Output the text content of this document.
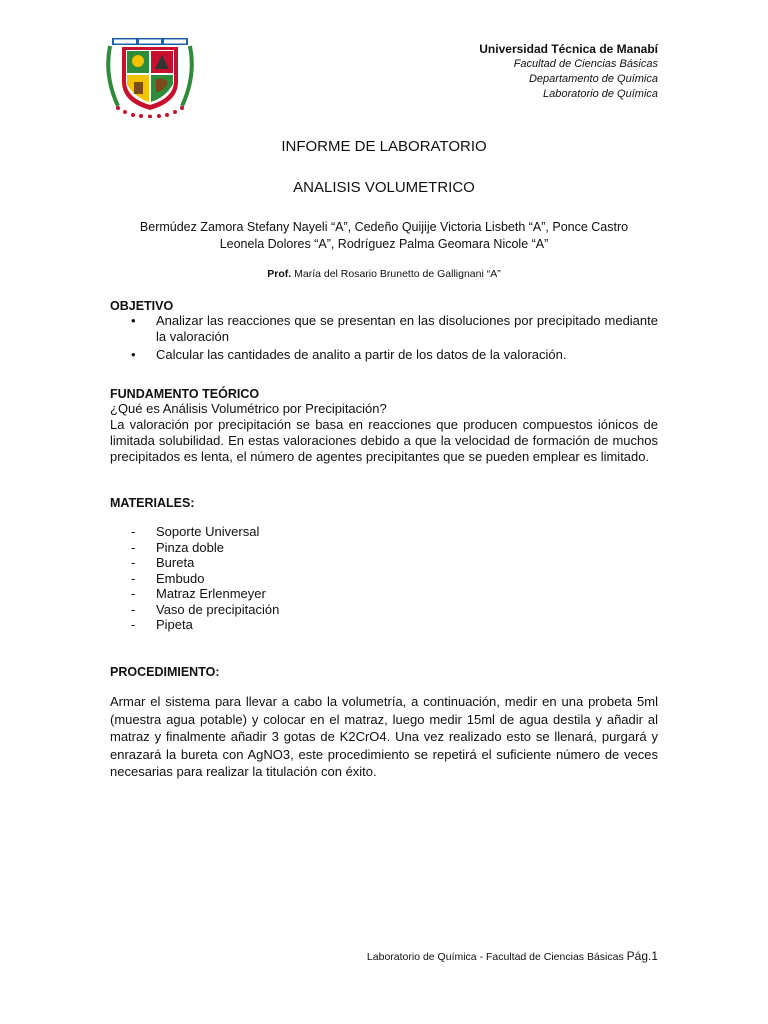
Universidad Técnica de Manabí
Facultad de Ciencias Básicas
Departamento de Química
Laboratorio de Química
INFORME DE LABORATORIO
ANALISIS VOLUMETRICO
Bermúdez Zamora Stefany Nayeli “A”, Cedeño Quijije Victoria Lisbeth “A”, Ponce Castro
Leonela Dolores “A”, Rodríguez Palma Geomara Nicole “A”
Prof. María del Rosario Brunetto de Gallignani “A”
OBJETIVO
• Analizar las reacciones que se presentan en las disoluciones por precipitado mediante la valoración
• Calcular las cantidades de analito a partir de los datos de la valoración.
FUNDAMENTO TEÓRICO

¿Qué es Análisis Volumétrico por Precipitación?

La valoración por precipitación se basa en reacciones que producen compuestos iónicos de limitada solubilidad. En estas valoraciones debido a que la velocidad de formación de muchos precipitados es lenta, el número de agentes precipitantes que se pueden emplear es limitado.

MATERIALES:
- Soporte Universal
- Pinza doble
- Bureta
- Embudo
- Matraz Erlenmeyer
- Vaso de precipitación
- Pipeta
PROCEDIMIENTO:

Armar el sistema para llevar a cabo la volumetría, a continuación, medir en una probeta 5ml (muestra agua potable) y colocar en el matraz, luego medir 15ml de agua destila y añadir al matraz y finalmente añadir 3 gotas de K2CrO4. Una vez realizado esto se llenará, purgará y enrazará la bureta con AgNO3, este procedimiento se repetirá el suficiente número de veces necesarias para realizar la titulación con éxito.

Laboratorio de Química - Facultad de Ciencias Básicas Pág.1
